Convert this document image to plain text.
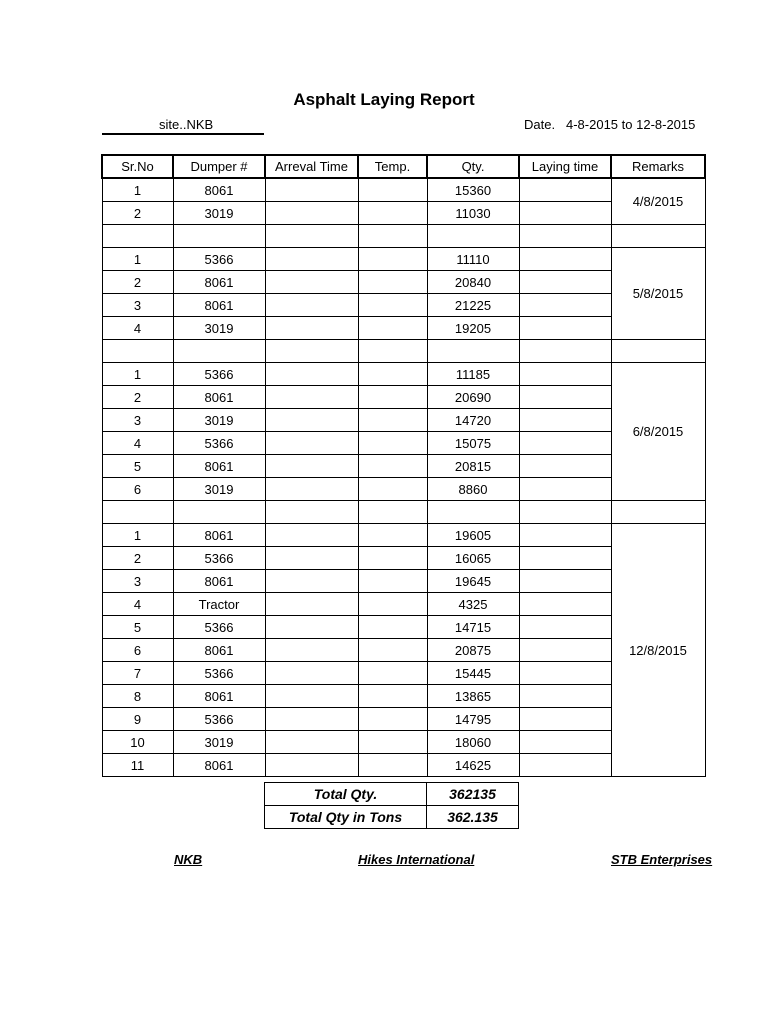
Asphalt Laying Report
site..NKB	Date. 4-8-2015 to 12-8-2015
Sr.No	Dumper #	Arreval Time	Temp.	Qty.	Laying time	Remarks
1	8061			15360		4/8/2015
2	3019			11030		

1	5366			11110		5/8/2015
2	8061			20840		
3	8061			21225		
4	3019			19205		

1	5366			11185		6/8/2015
2	8061			20690		
3	3019			14720		
4	5366			15075		
5	8061			20815		
6	3019			8860		

1	8061			19605		12/8/2015
2	5366			16065		
3	8061			19645		
4	Tractor			4325		
5	5366			14715		
6	8061			20875		
7	5366			15445		
8	8061			13865		
9	5366			14795		
10	3019			18060		
11	8061			14625		
Total Qty.	362135
Total Qty in Tons	362.135
NKB	Hikes International	STB Enterprises
